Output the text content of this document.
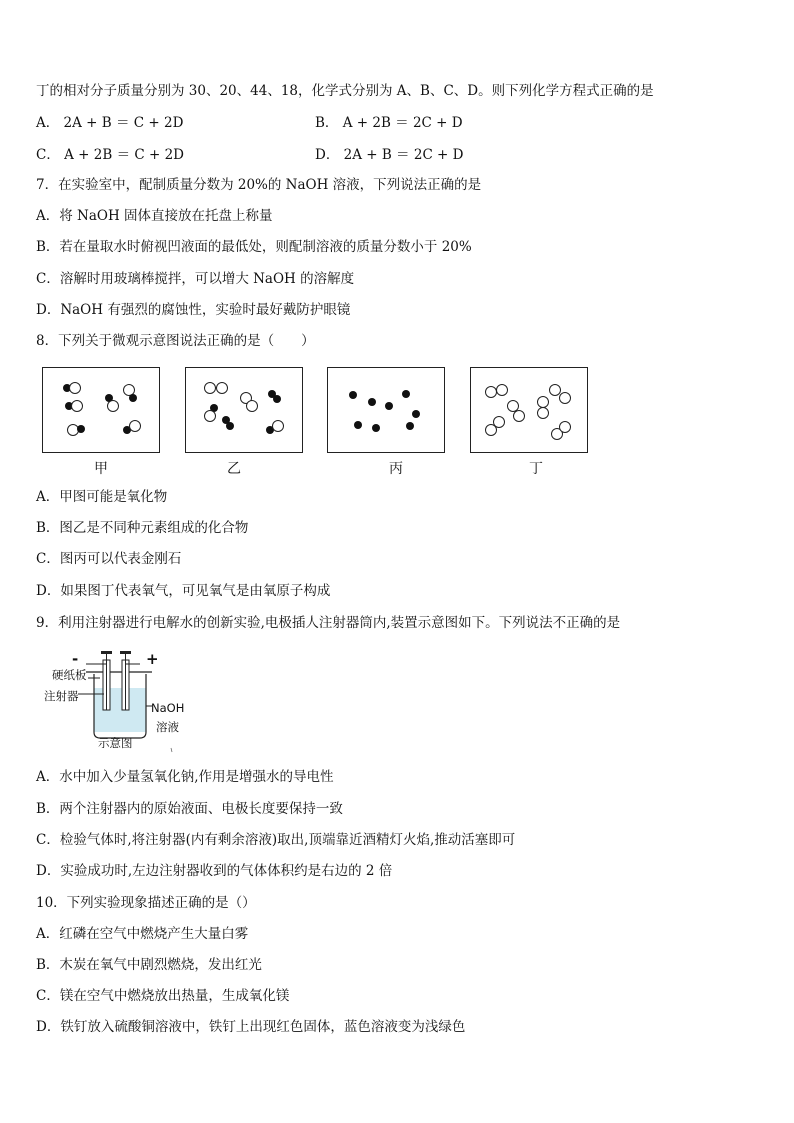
丁的相对分子质量分别为 30、20、44、18，化学式分别为 A、B、C、D。则下列化学方程式正确的是
A． 2A + B ＝ C + 2D	B． A + 2B ＝ 2C + D
C． A + 2B ＝ C + 2D	D． 2A + B ＝ 2C + D
7．在实验室中，配制质量分数为 20%的 NaOH 溶液，下列说法正确的是
A．将 NaOH 固体直接放在托盘上称量
B．若在量取水时俯视凹液面的最低处，则配制溶液的质量分数小于 20%
C．溶解时用玻璃棒搅拌，可以增大 NaOH 的溶解度
D．NaOH 有强烈的腐蚀性，实验时最好戴防护眼镜
8．下列关于微观示意图说法正确的是（　　）
甲	乙	丙	丁
A．甲图可能是氧化物
B．图乙是不同种元素组成的化合物
C．图丙可以代表金刚石
D．如果图丁代表氧气，可见氧气是由氧原子构成
9．利用注射器进行电解水的创新实验,电极插人注射器筒内,装置示意图如下。下列说法不正确的是
-	+
硬纸板
注射器
NaOH
溶液
示意图
A．水中加入少量氢氧化钠,作用是增强水的导电性
B．两个注射器内的原始液面、电极长度要保持一致
C．检验气体时,将注射器(内有剩余溶液)取出,顶端靠近酒精灯火焰,推动活塞即可
D．实验成功时,左边注射器收到的气体体积约是右边的 2 倍
10．下列实验现象描述正确的是（）
A．红磷在空气中燃烧产生大量白雾
B．木炭在氧气中剧烈燃烧，发出红光
C．镁在空气中燃烧放出热量，生成氧化镁
D．铁钉放入硫酸铜溶液中，铁钉上出现红色固体，蓝色溶液变为浅绿色
